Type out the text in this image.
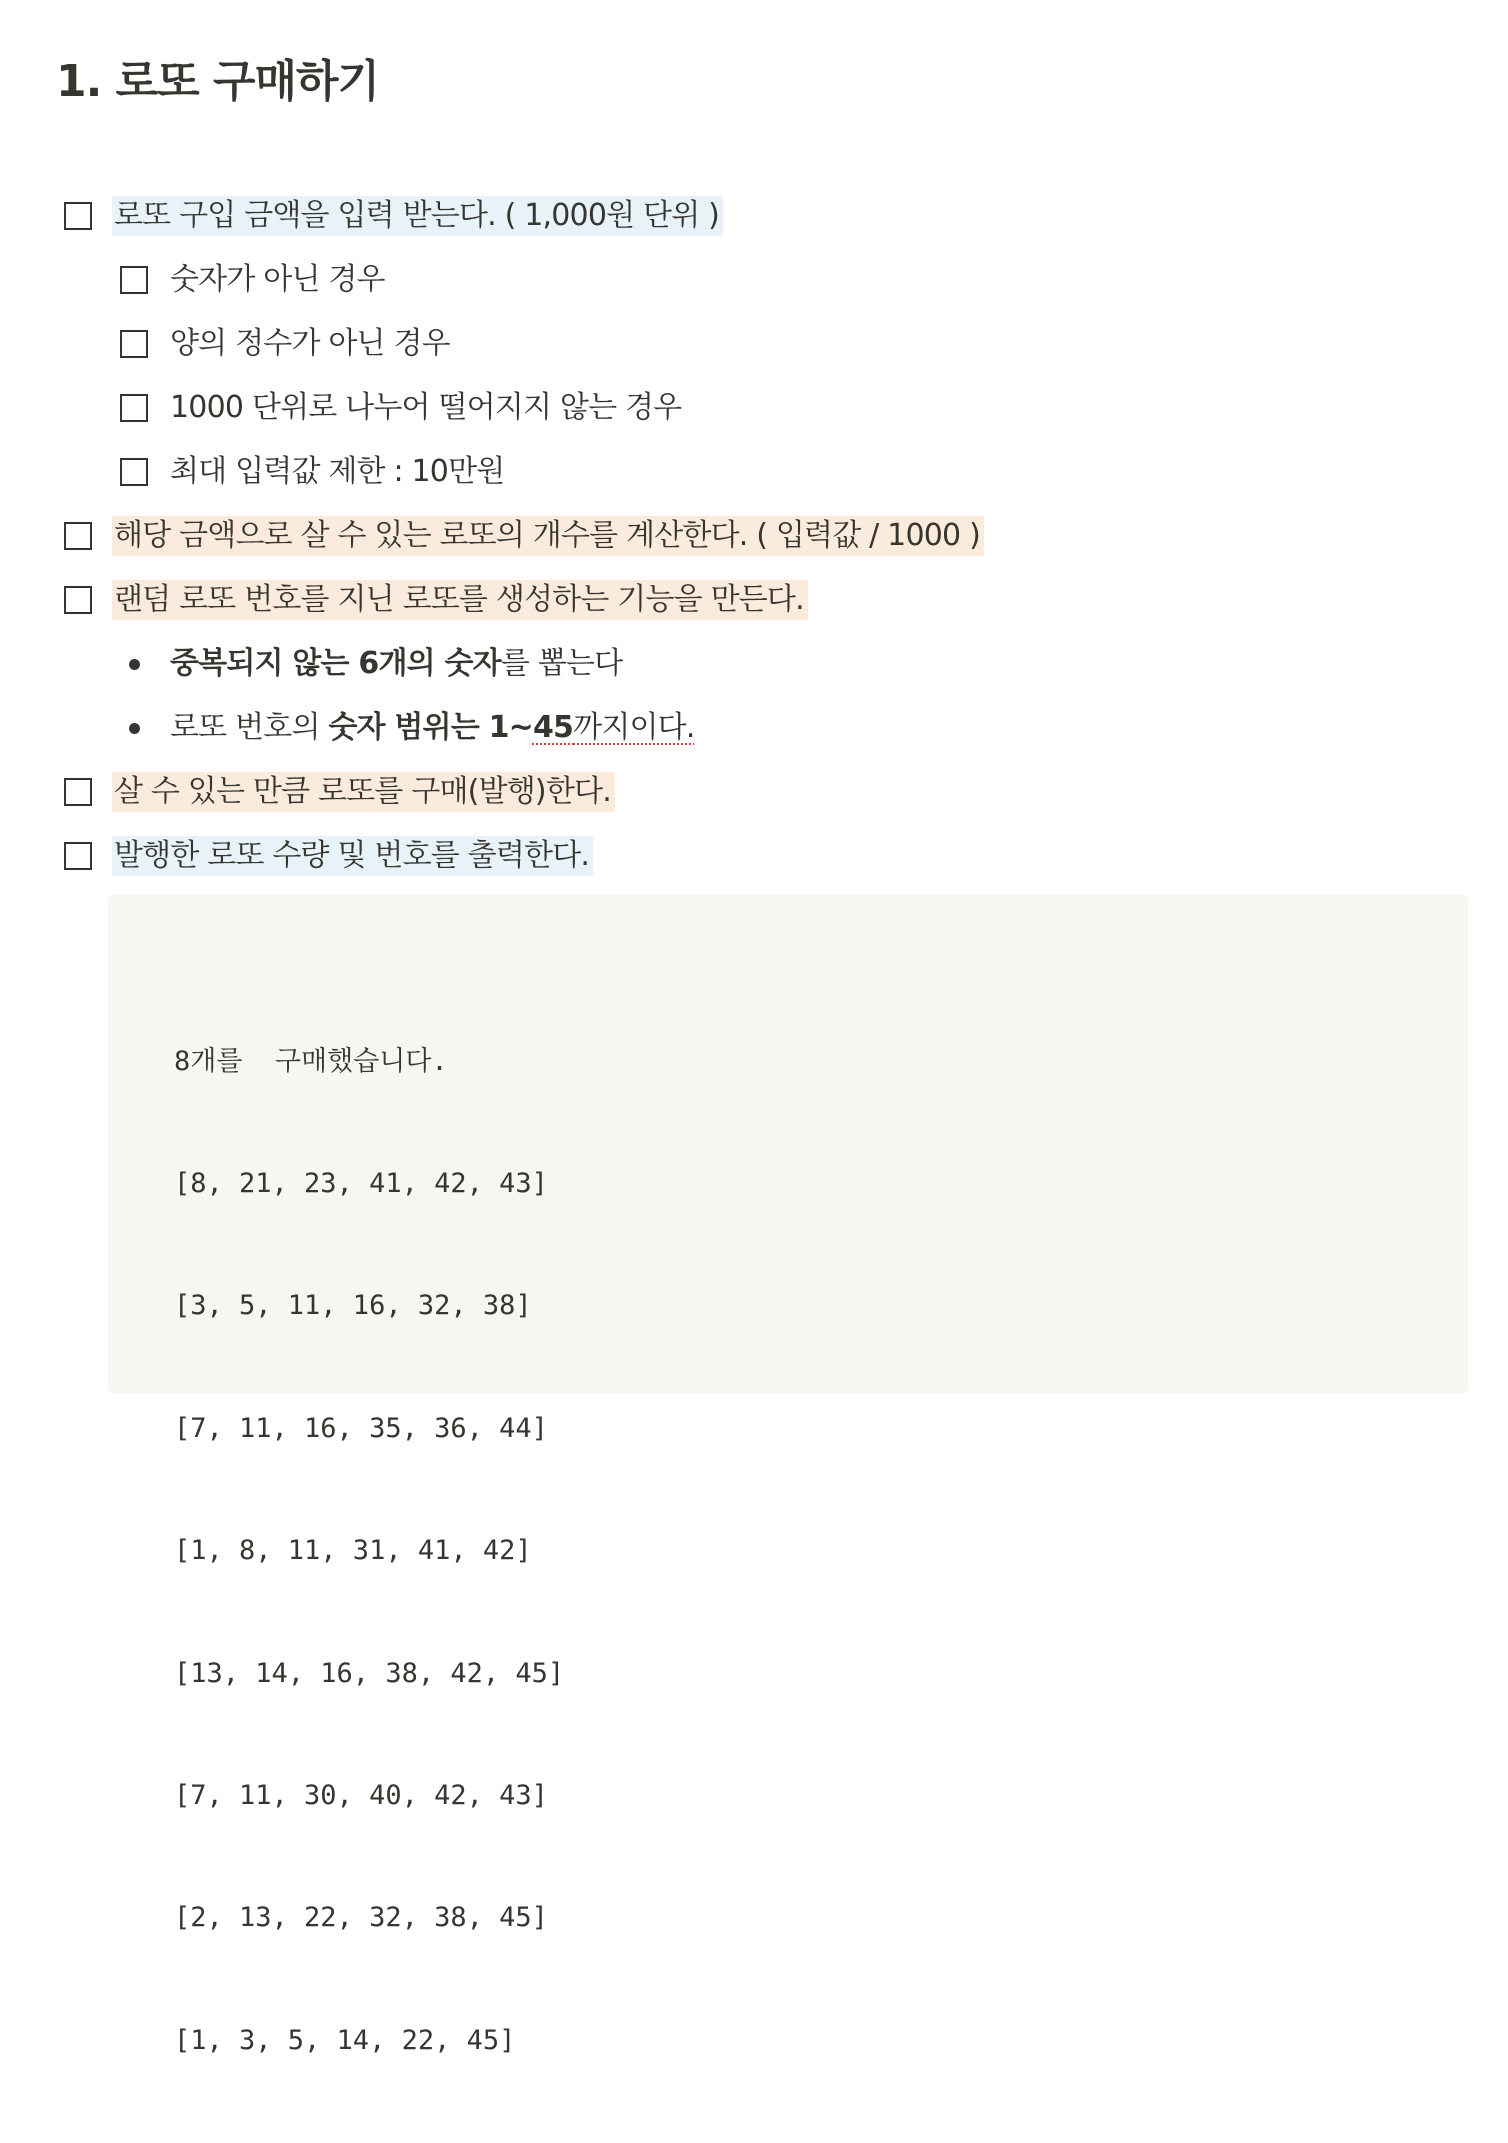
1. 로또 구매하기
로또 구입 금액을 입력 받는다. ( 1,000원 단위 )
숫자가 아닌 경우
양의 정수가 아닌 경우
1000 단위로 나누어 떨어지지 않는 경우
최대 입력값 제한 : 10만원
해당 금액으로 살 수 있는 로또의 개수를 계산한다. ( 입력값 / 1000 )
랜덤 로또 번호를 지닌 로또를 생성하는 기능을 만든다.
중복되지 않는 6개의 숫자를 뽑는다
로또 번호의 숫자 범위는 1~45까지이다.
살 수 있는 만큼 로또를 구매(발행)한다.
발행한 로또 수량 및 번호를 출력한다.

8개를  구매했습니다.

[8, 21, 23, 41, 42, 43]

[3, 5, 11, 16, 32, 38]

[7, 11, 16, 35, 36, 44]

[1, 8, 11, 31, 41, 42]

[13, 14, 16, 38, 42, 45]

[7, 11, 30, 40, 42, 43]

[2, 13, 22, 32, 38, 45]

[1, 3, 5, 14, 22, 45]
